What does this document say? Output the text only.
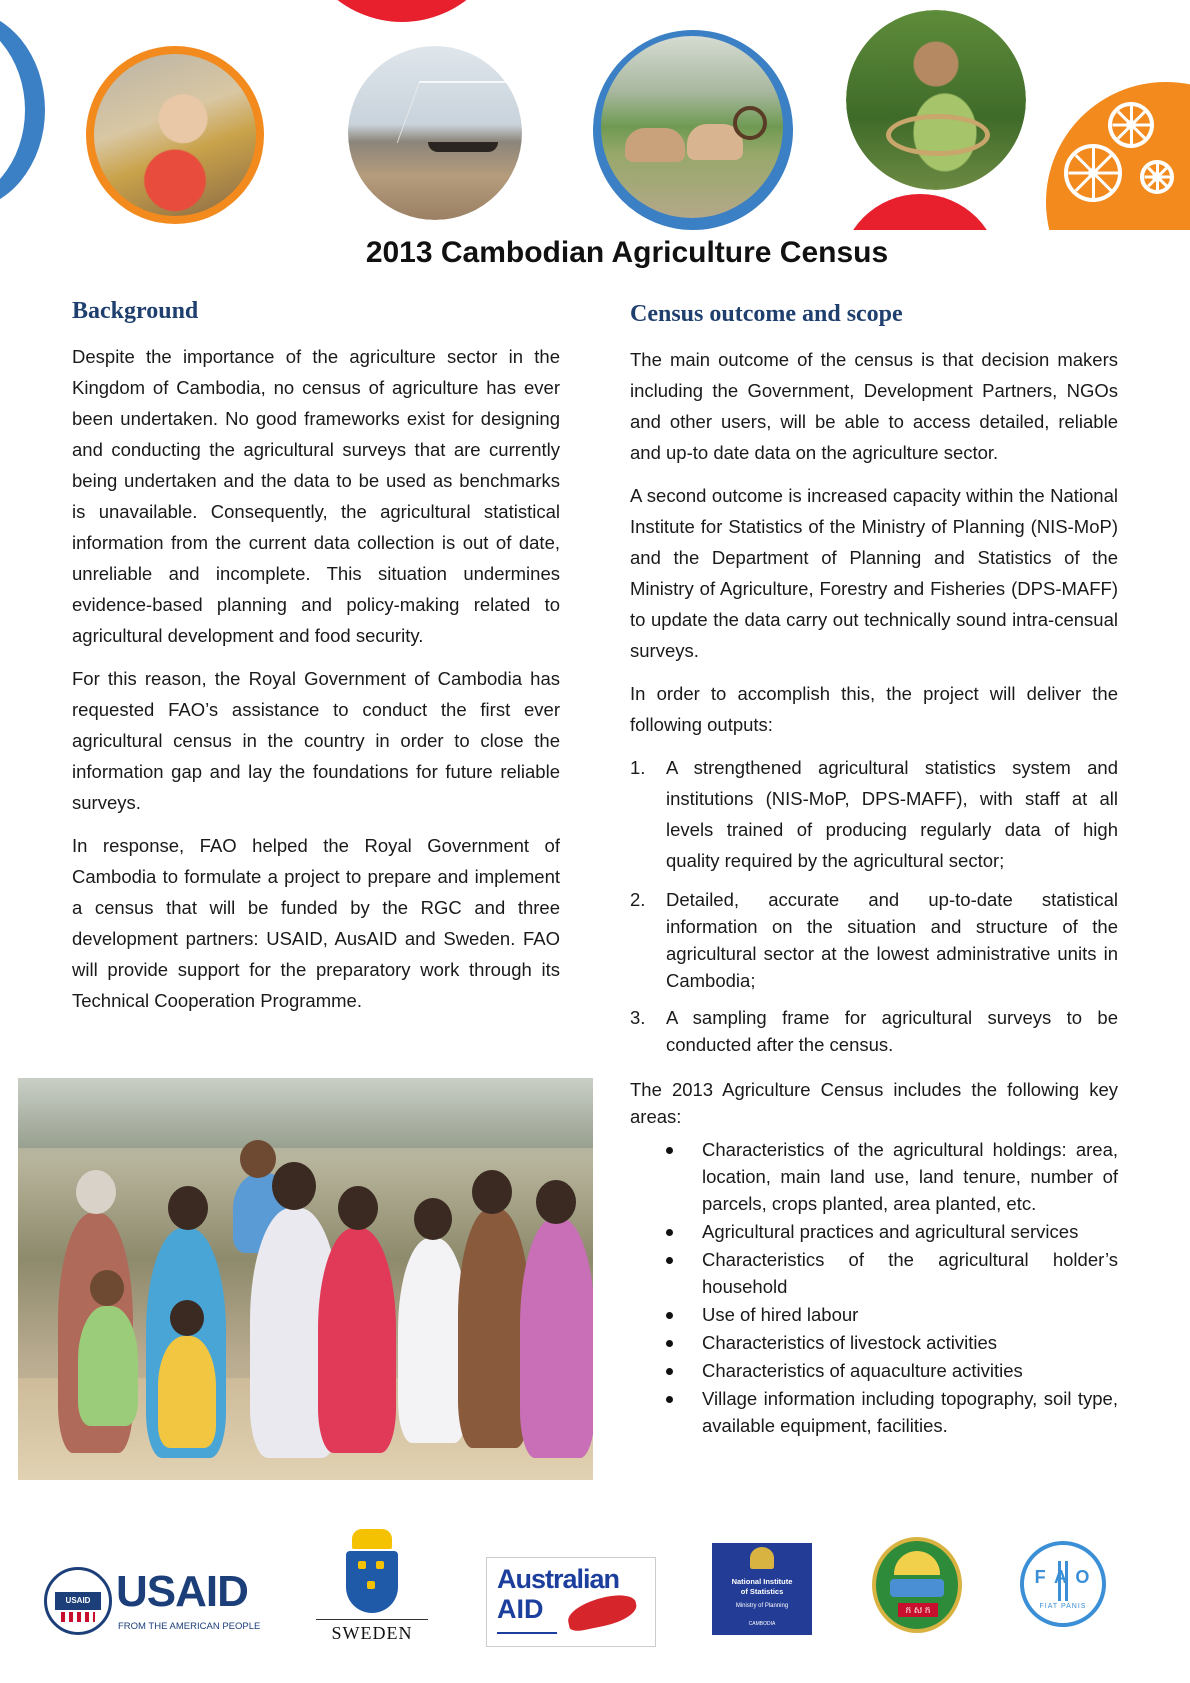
2013 Cambodian Agriculture Census
Background

Despite the importance of the agriculture sector in the Kingdom of Cambodia, no census of agriculture has ever been undertaken. No good frameworks exist for designing and conducting the agricultural surveys that are currently being undertaken and the data to be used as benchmarks is unavailable. Consequently, the agricultural statistical information from the current data collection is out of date, unreliable and incomplete. This situation undermines evidence-based planning and policy-making related to agricultural development and food security.

For this reason, the Royal Government of Cambodia has requested FAO’s assistance to conduct the first ever agricultural census in the country in order to close the information gap and lay the foundations for future reliable surveys.

In response, FAO helped the Royal Government of Cambodia to formulate a project to prepare and implement a census that will be funded by the RGC and three development partners: USAID, AusAID and Sweden. FAO will provide support for the preparatory work through its Technical Cooperation Programme.

Census outcome and scope

The main outcome of the census is that decision makers including the Government, Development Partners, NGOs and other users, will be able to access detailed, reliable and up-to date data on the agriculture sector.

A second outcome is increased capacity within the National Institute for Statistics of the Ministry of Planning (NIS-MoP) and the Department of Planning and Statistics of the Ministry of Agriculture, Forestry and Fisheries (DPS-MAFF) to update the data carry out technically sound intra-censual surveys.

In order to accomplish this, the project will deliver the following outputs:

1. A strengthened agricultural statistics system and institutions (NIS-MoP, DPS-MAFF), with staff at all levels trained of producing regularly data of high quality required by the agricultural sector;
2. Detailed, accurate and up-to-date statistical information on the situation and structure of the agricultural sector at the lowest administrative units in Cambodia;
3. A sampling frame for agricultural surveys to be conducted after the census.

The 2013 Agriculture Census includes the following key areas:

Characteristics of the agricultural holdings: area, location, main land use, land tenure, number of parcels, crops planted, area planted, etc.
Agricultural practices and agricultural services
Characteristics of the agricultural holder’s household
Use of hired labour
Characteristics of livestock activities
Characteristics of aquaculture activities
Village information including topography, soil type, available equipment, facilities.
USAID USAID
FROM THE AMERICAN PEOPLE	SWEDEN
Australian
AID
National Institute
of Statistics
Ministry of Planning
CAMBODIA
ក ស ក
F A O
FIAT PANIS
